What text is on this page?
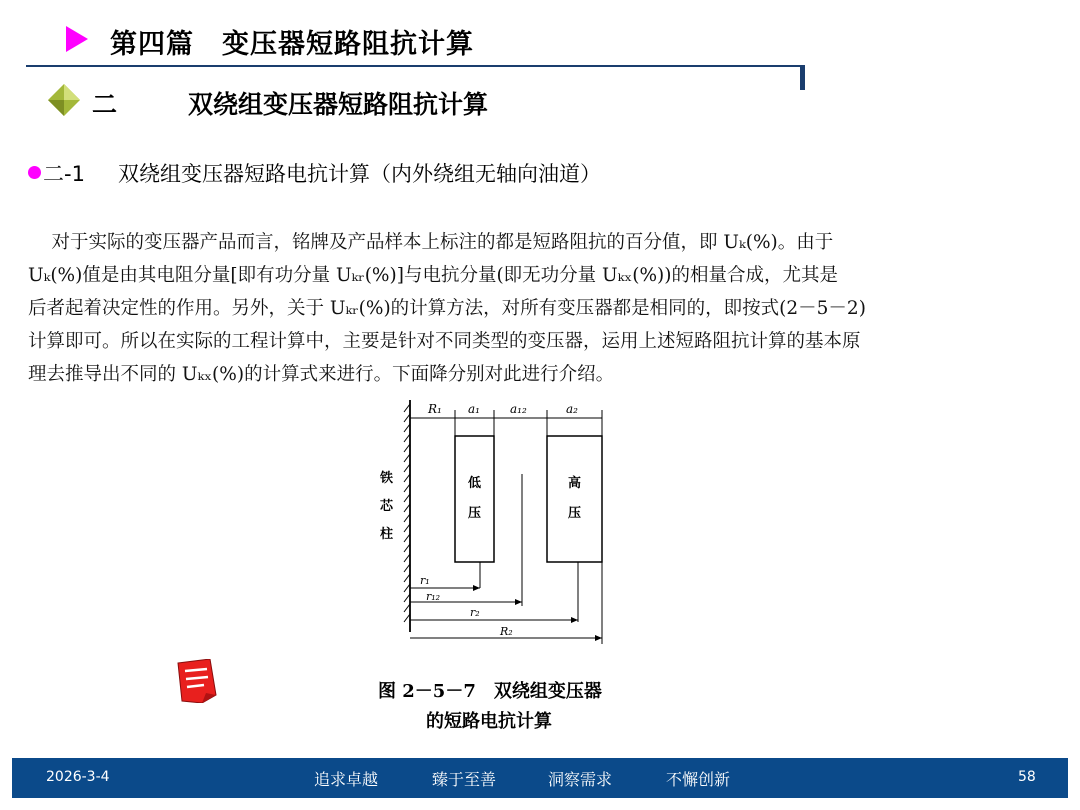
第四篇　变压器短路阻抗计算
二	双绕组变压器短路阻抗计算
二-1 双绕组变压器短路电抗计算（内外绕组无轴向油道）
对于实际的变压器产品而言，铭牌及产品样本上标注的都是短路阻抗的百分值，即 Uₖ(%)。由于
Uₖ(%)值是由其电阻分量[即有功分量 Uₖᵣ(%)]与电抗分量(即无功分量 Uₖₓ(%))的相量合成，尤其是
后者起着决定性的作用。另外，关于 Uₖᵣ(%)的计算方法，对所有变压器都是相同的，即按式(2－5－2)
计算即可。所以在实际的工程计算中，主要是针对不同类型的变压器，运用上述短路阻抗计算的基本原
理去推导出不同的 Uₖₓ(%)的计算式来进行。下面降分别对此进行介绍。
R₁ a₁	a₁₂	a₂
低
压
高
压
铁
芯
柱
r₁
r₁₂
r₂
R₂
图 2－5－7　双绕组变压器
的短路电抗计算
2026-3-4	追求卓越	臻于至善	洞察需求	不懈创新	58
